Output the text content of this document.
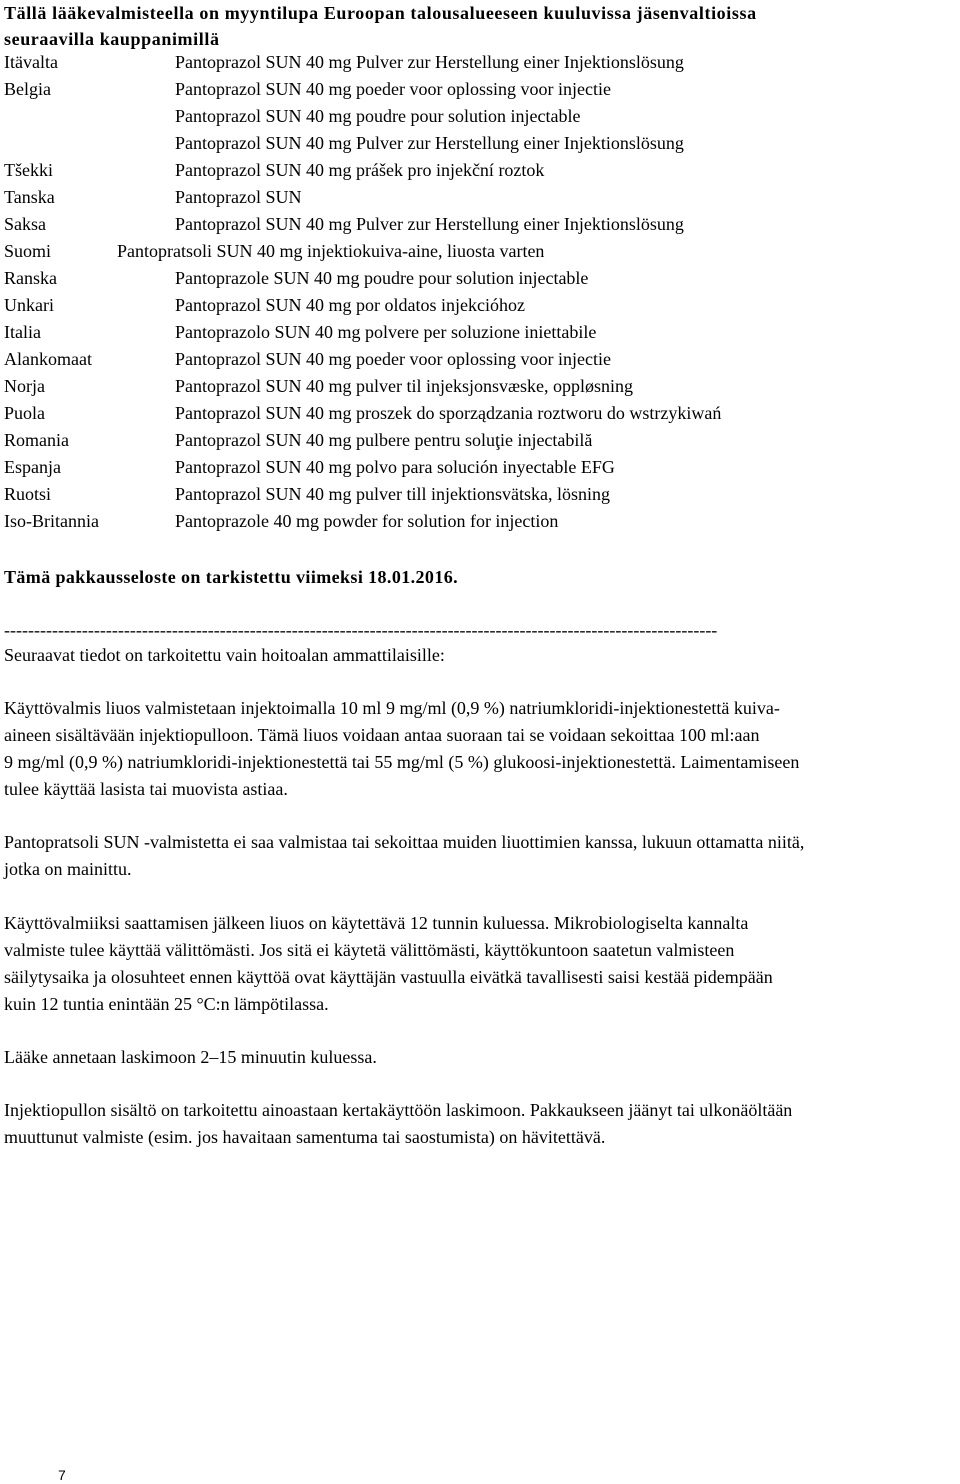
Tällä lääkevalmisteella on myyntilupa Euroopan talousalueeseen kuuluvissa jäsenvaltioissa
seuraavilla kauppanimillä
Itävalta	Pantoprazol SUN 40 mg Pulver zur Herstellung einer Injektionslösung
Belgia	Pantoprazol SUN 40 mg poeder voor oplossing voor injectie
Pantoprazol SUN 40 mg poudre pour solution injectable
Pantoprazol SUN 40 mg Pulver zur Herstellung einer Injektionslösung
Tšekki	Pantoprazol SUN 40 mg prášek pro injekční roztok
Tanska	Pantoprazol SUN
Saksa	Pantoprazol SUN 40 mg Pulver zur Herstellung einer Injektionslösung
Suomi	Pantopratsoli SUN 40 mg injektiokuiva-aine, liuosta varten
Ranska	Pantoprazole SUN 40 mg poudre pour solution injectable
Unkari	Pantoprazol SUN 40 mg por oldatos injekcióhoz
Italia	Pantoprazolo SUN 40 mg polvere per soluzione iniettabile
Alankomaat	Pantoprazol SUN 40 mg poeder voor oplossing voor injectie
Norja	Pantoprazol SUN 40 mg pulver til injeksjonsvæske, oppløsning
Puola	Pantoprazol SUN 40 mg proszek do sporządzania roztworu do wstrzykiwań
Romania	Pantoprazol SUN 40 mg pulbere pentru soluţie injectabilă
Espanja	Pantoprazol SUN 40 mg polvo para solución inyectable EFG
Ruotsi	Pantoprazol SUN 40 mg pulver till injektionsvätska, lösning
Iso-Britannia	Pantoprazole 40 mg powder for solution for injection
Tämä pakkausseloste on tarkistettu viimeksi 18.01.2016.
-----------------------------------------------------------------------------------------------------------------------

Seuraavat tiedot on tarkoitettu vain hoitoalan ammattilaisille:

Käyttövalmis liuos valmistetaan injektoimalla 10 ml 9 mg/ml (0,9 %) natriumkloridi-injektionestettä kuiva-
aineen sisältävään injektiopulloon. Tämä liuos voidaan antaa suoraan tai se voidaan sekoittaa 100 ml:aan
9 mg/ml (0,9 %) natriumkloridi-injektionestettä tai 55 mg/ml (5 %) glukoosi-injektionestettä. Laimentamiseen
tulee käyttää lasista tai muovista astiaa.
Pantopratsoli SUN -valmistetta ei saa valmistaa tai sekoittaa muiden liuottimien kanssa, lukuun ottamatta niitä,
jotka on mainittu.
Käyttövalmiiksi saattamisen jälkeen liuos on käytettävä 12 tunnin kuluessa. Mikrobiologiselta kannalta
valmiste tulee käyttää välittömästi. Jos sitä ei käytetä välittömästi, käyttökuntoon saatetun valmisteen
säilytysaika ja olosuhteet ennen käyttöä ovat käyttäjän vastuulla eivätkä tavallisesti saisi kestää pidempään
kuin 12 tuntia enintään 25 °C:n lämpötilassa.
Lääke annetaan laskimoon 2–15 minuutin kuluessa.
Injektiopullon sisältö on tarkoitettu ainoastaan kertakäyttöön laskimoon. Pakkaukseen jäänyt tai ulkonäöltään
muuttunut valmiste (esim. jos havaitaan samentuma tai saostumista) on hävitettävä.
7
